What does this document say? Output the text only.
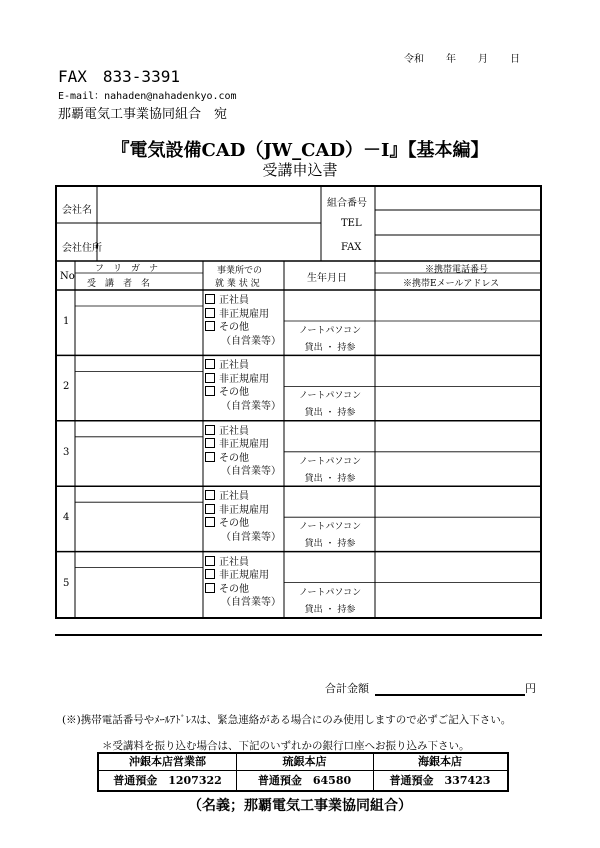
令和 年 月 日
FAX　833-3391
E-mail：nahaden@nahadenkyo.com
那覇電気工事業協同組合　宛
『電気設備CAD（JW_CAD）－Ⅰ』【基本編】
受講申込書
会社名
会社住所
組合番号
TEL
FAX
No
フ　リ　ガ　ナ
受　講　者　名
事業所での
就 業 状 況	生年月日
※携帯電話番号
※携帯Eメールアドレス
1
正社員
非正規雇用
その他
（自営業等）
ノートパソコン
貸出 ・ 持参
2
正社員
非正規雇用
その他
（自営業等）
ノートパソコン
貸出 ・ 持参
3
正社員
非正規雇用
その他
（自営業等）
ノートパソコン
貸出 ・ 持参
4
正社員
非正規雇用
その他
（自営業等）
ノートパソコン
貸出 ・ 持参
5
正社員
非正規雇用
その他
（自営業等）
ノートパソコン
貸出 ・ 持参
合計金額	円
(※)携帯電話番号やﾒｰﾙｱﾄﾞﾚｽは、緊急連絡がある場合にのみ使用しますので必ずご記入下さい。
＊受講料を振り込む場合は、下記のいずれかの銀行口座へお振り込み下さい。
沖銀本店営業部
普通預金　1207322
琉銀本店
普通預金　64580
海銀本店
普通預金　337423
（名義；那覇電気工事業協同組合）
